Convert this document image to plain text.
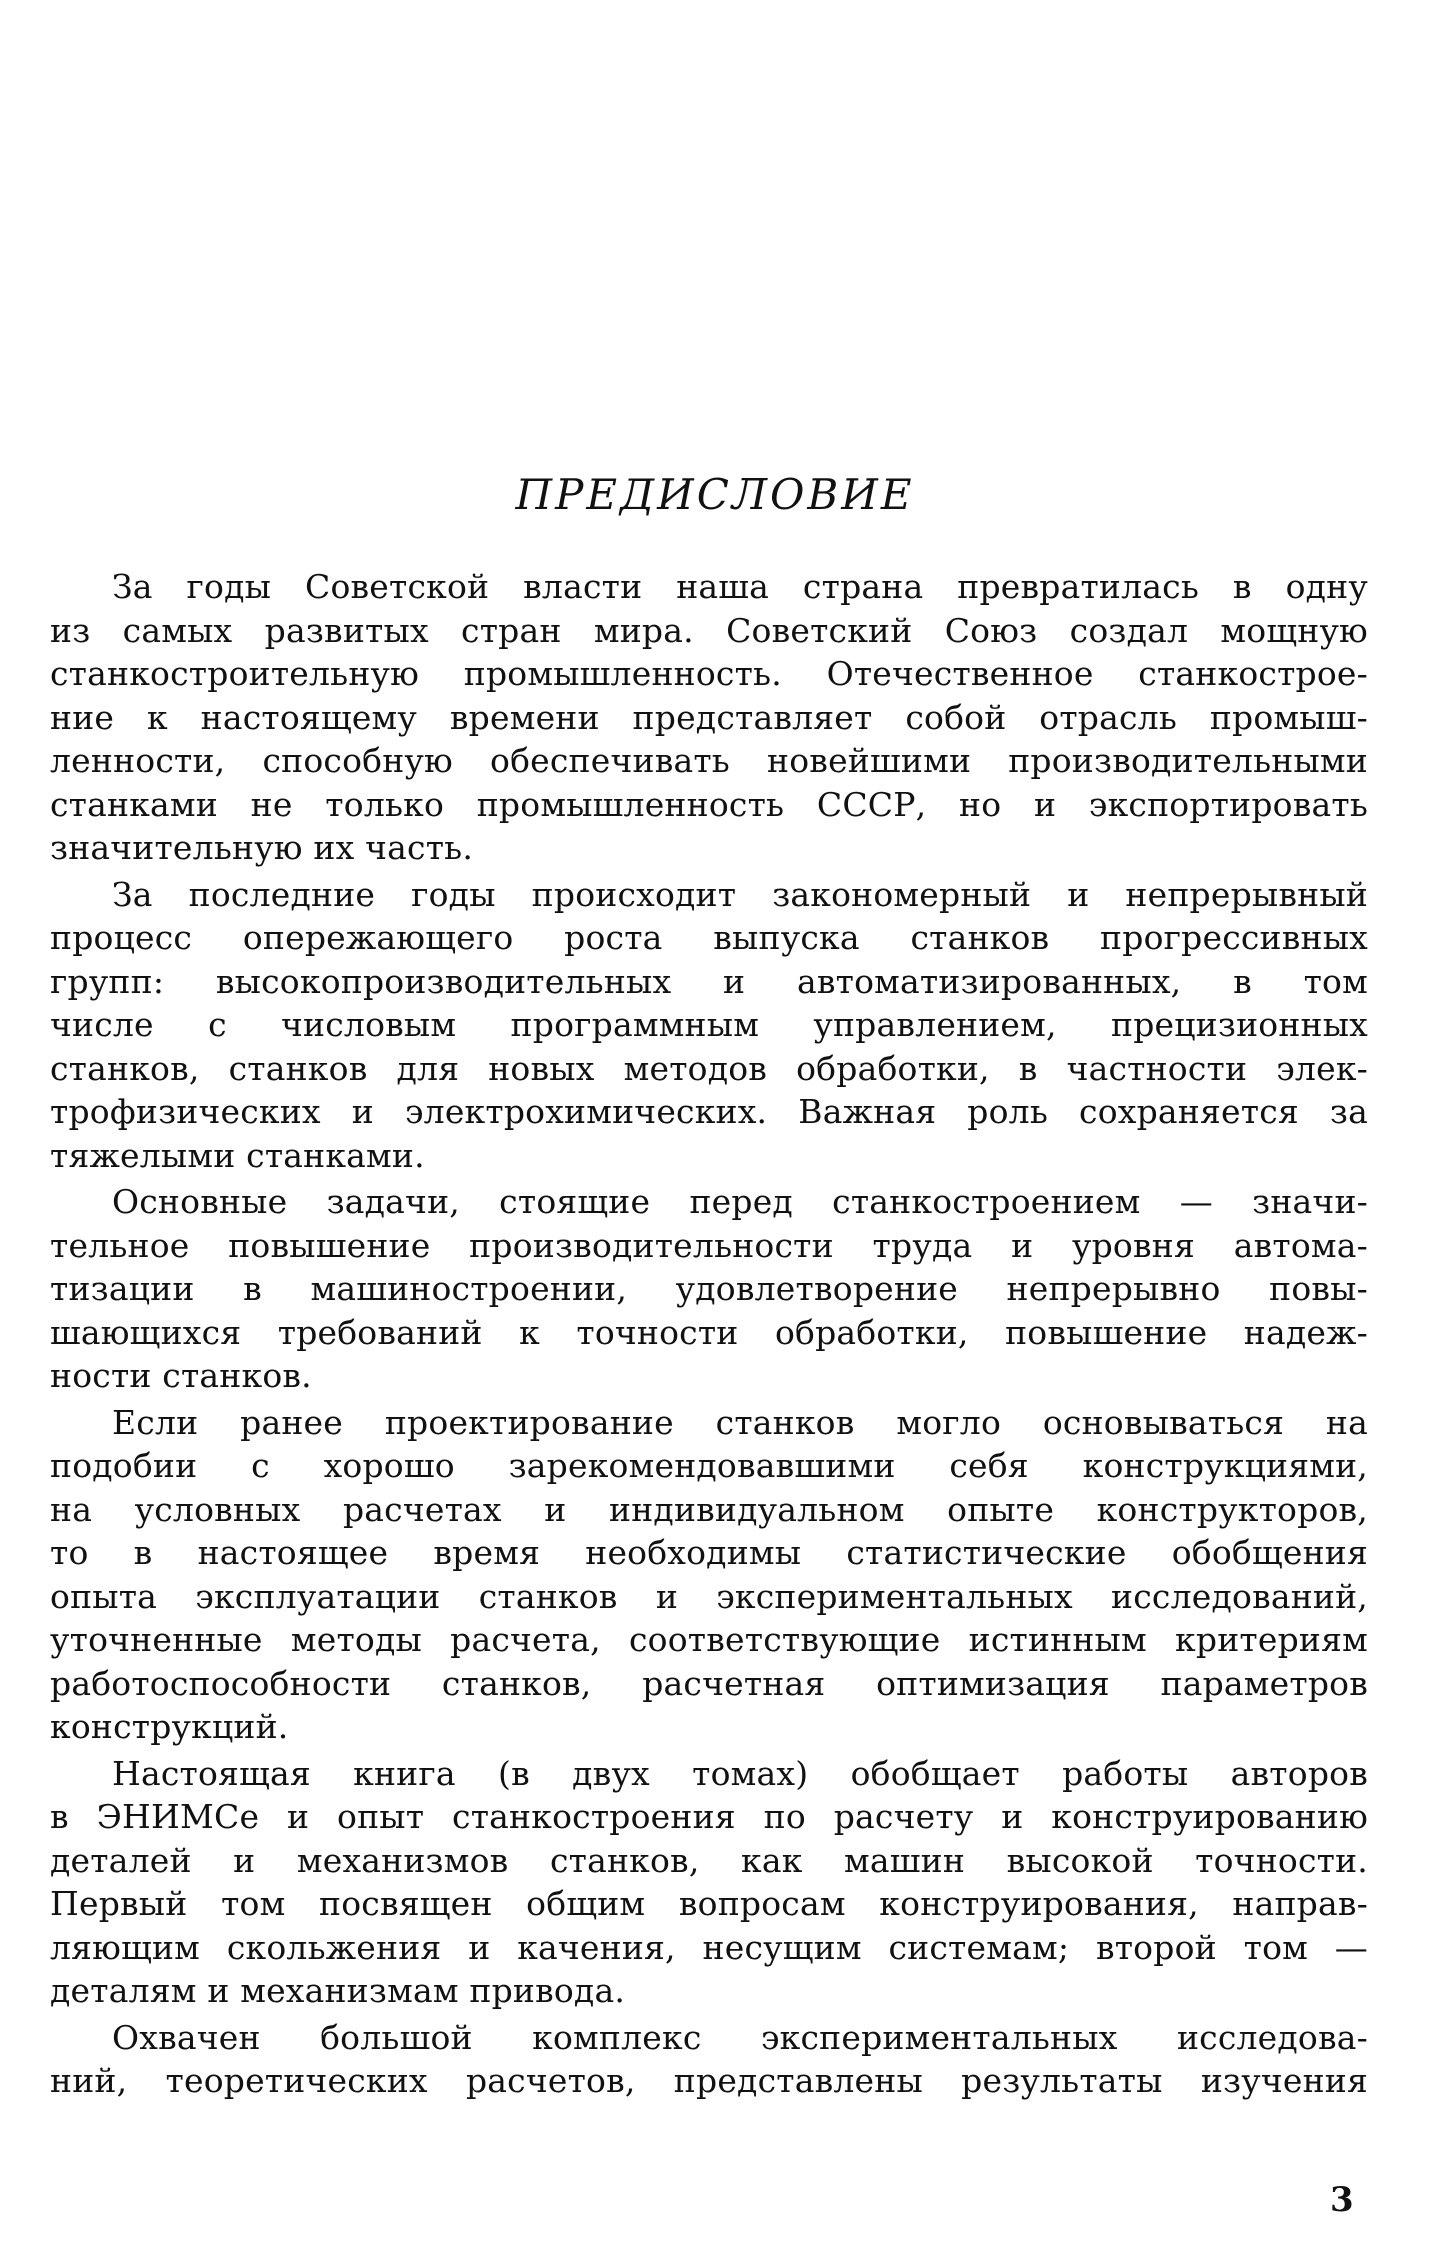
ПРЕДИСЛОВИЕ
За годы Советской власти наша страна превратилась в одну
из самых развитых стран мира. Советский Союз создал мощную
станкостроительную промышленность. Отечественное станкострое-
ние к настоящему времени представляет собой отрасль промыш-
ленности, способную обеспечивать новейшими производительными
станками не только промышленность СССР, но и экспортировать
значительную их часть.
За последние годы происходит закономерный и непрерывный
процесс опережающего роста выпуска станков прогрессивных
групп: высокопроизводительных и автоматизированных, в том
числе с числовым программным управлением, прецизионных
станков, станков для новых методов обработки, в частности элек-
трофизических и электрохимических. Важная роль сохраняется за
тяжелыми станками.
Основные задачи, стоящие перед станкостроением — значи-
тельное повышение производительности труда и уровня автома-
тизации в машиностроении, удовлетворение непрерывно повы-
шающихся требований к точности обработки, повышение надеж-
ности станков.
Если ранее проектирование станков могло основываться на
подобии с хорошо зарекомендовавшими себя конструкциями,
на условных расчетах и индивидуальном опыте конструкторов,
то в настоящее время необходимы статистические обобщения
опыта эксплуатации станков и экспериментальных исследований,
уточненные методы расчета, соответствующие истинным критериям
работоспособности станков, расчетная оптимизация параметров
конструкций.
Настоящая книга (в двух томах) обобщает работы авторов
в ЭНИМСе и опыт станкостроения по расчету и конструированию
деталей и механизмов станков, как машин высокой точности.
Первый том посвящен общим вопросам конструирования, направ-
ляющим скольжения и качения, несущим системам; второй том —
деталям и механизмам привода.
Охвачен большой комплекс экспериментальных исследова-
ний, теоретических расчетов, представлены результаты изучения
3
